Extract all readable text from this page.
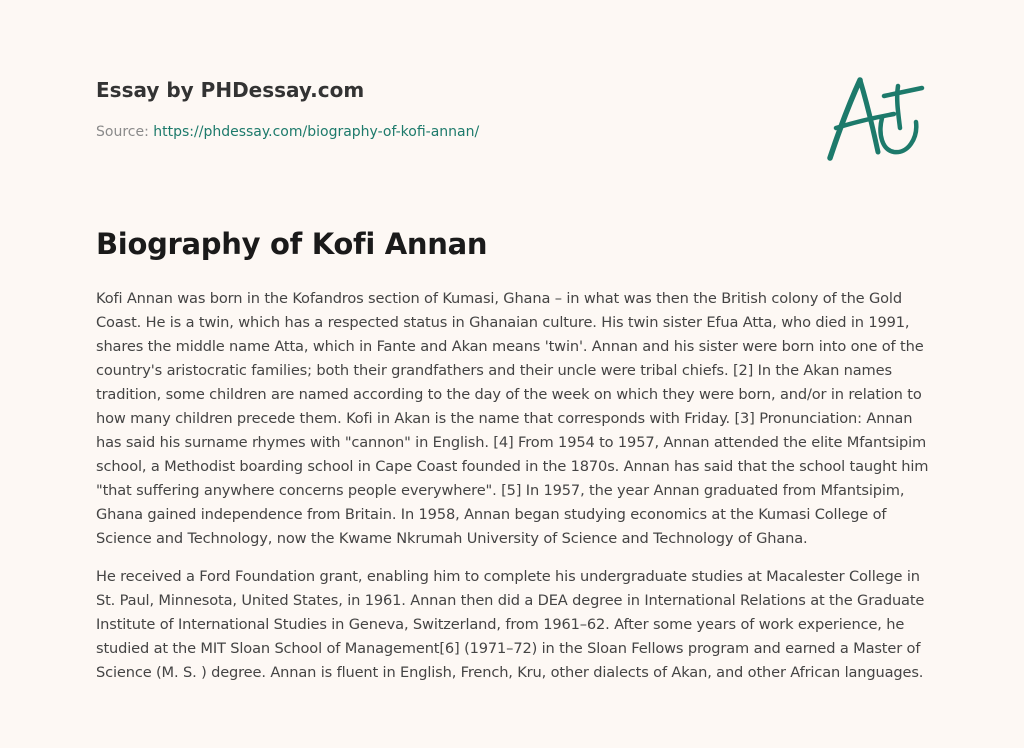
Essay by PHDessay.com
Source: https://phdessay.com/biography-of-kofi-annan/
Biography of Kofi Annan

Kofi Annan was born in the Kofandros section of Kumasi, Ghana – in what was then the British colony of the Gold Coast. He is a twin, which has a respected status in Ghanaian culture. His twin sister Efua Atta, who died in 1991, shares the middle name Atta, which in Fante and Akan means 'twin'. Annan and his sister were born into one of the country's aristocratic families; both their grandfathers and their uncle were tribal chiefs. [2] In the Akan names tradition, some children are named according to the day of the week on which they were born, and/or in relation to how many children precede them. Kofi in Akan is the name that corresponds with Friday. [3] Pronunciation: Annan has said his surname rhymes with "cannon" in English. [4] From 1954 to 1957, Annan attended the elite Mfantsipim school, a Methodist boarding school in Cape Coast founded in the 1870s. Annan has said that the school taught him "that suffering anywhere concerns people everywhere". [5] In 1957, the year Annan graduated from Mfantsipim, Ghana gained independence from Britain. In 1958, Annan began studying economics at the Kumasi College of Science and Technology, now the Kwame Nkrumah University of Science and Technology of Ghana.

He received a Ford Foundation grant, enabling him to complete his undergraduate studies at Macalester College in St. Paul, Minnesota, United States, in 1961. Annan then did a DEA degree in International Relations at the Graduate Institute of International Studies in Geneva, Switzerland, from 1961–62. After some years of work experience, he studied at the MIT Sloan School of Management[6] (1971–72) in the Sloan Fellows program and earned a Master of Science (M. S. ) degree. Annan is fluent in English, French, Kru, other dialects of Akan, and other African languages.
